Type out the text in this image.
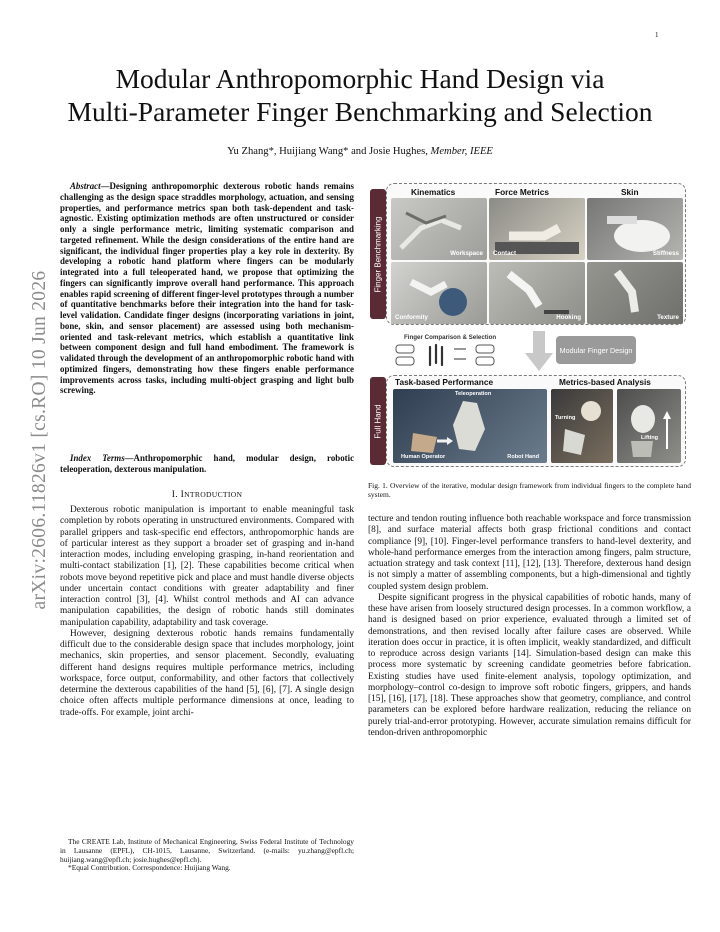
1
arXiv:2606.11826v1 [cs.RO] 10 Jun 2026
Modular Anthropomorphic Hand Design via
Multi-Parameter Finger Benchmarking and Selection
Yu Zhang*, Huijiang Wang* and Josie Hughes, Member, IEEE
Abstract—Designing anthropomorphic dexterous robotic hands remains challenging as the design space straddles morphology, actuation, and sensing properties, and performance metrics span both task-dependent and task-agnostic. Existing optimization methods are often unstructured or consider only a single performance metric, limiting systematic comparison and targeted refinement. While the design considerations of the entire hand are significant, the individual finger properties play a key role in dexterity. By developing a robotic hand platform where fingers can be modularly integrated into a full teleoperated hand, we propose that optimizing the fingers can significantly improve overall hand performance. This approach enables rapid screening of different finger-level prototypes through a number of quantitative benchmarks before their integration into the hand for task-level validation. Candidate finger designs (incorporating variations in joint, bone, skin, and sensor placement) are assessed using both mechanism-oriented and task-relevant metrics, which establish a quantitative link between component design and full hand embodiment. The framework is validated through the development of an anthropomorphic robotic hand with optimized fingers, demonstrating how these fingers enable performance improvements across tasks, including multi-object grasping and light bulb screwing.
Index Terms—Anthropomorphic hand, modular design, robotic teleoperation, dexterous manipulation.
I. INTRODUCTION

Dexterous robotic manipulation is important to enable meaningful task completion by robots operating in unstructured environments. Compared with parallel grippers and task-specific end effectors, anthropomorphic hands are of particular interest as they support a broader set of grasping and in-hand interaction modes, including enveloping grasping, in-hand reorientation and multi-contact stabilization [1], [2]. These capabilities become critical when robots move beyond repetitive pick and place and must handle diverse objects under uncertain contact conditions with greater adaptability and finer interaction control [3], [4]. Whilst control methods and AI can advance manipulation capabilities, the design of robotic hands still dominates manipulation capability, adaptability and task coverage.

However, designing dexterous robotic hands remains fundamentally difficult due to the considerable design space that includes morphology, joint mechanics, skin properties, and sensor placement. Secondly, evaluating different hand designs requires multiple performance metrics, including workspace, force output, conformability, and other factors that collectively determine the dexterous capabilities of the hand [5], [6], [7]. A single design choice often affects multiple performance dimensions at once, leading to trade-offs. For example, joint archi-

The CREATE Lab, Institute of Mechanical Engineering, Swiss Federal Institute of Technology in Lausanne (EPFL), CH-1015, Lausanne, Switzerland. (e-mails: yu.zhang@epfl.ch; huijiang.wang@epfl.ch; josie.hughes@epfl.ch).

*Equal Contribution. Correspondence: Huijiang Wang.

Finger Benchmarking
Kinematics	Force Metrics	Skin
Workspace Contact	Stiffness
Conformity	Hooking	Texture
Finger Comparison & Selection
Modular Finger Design
Full Hand
Task-based Performance	Metrics-based Analysis
Teleoperation
Human Operator	Robot Hand
Turning
Lifting
Fig. 1. Overview of the iterative, modular design framework from individual fingers to the complete hand system.

tecture and tendon routing influence both reachable workspace and force transmission [8], and surface material affects both grasp frictional conditions and contact compliance [9], [10]. Finger-level performance transfers to hand-level dexterity, and whole-hand performance emerges from the interaction among fingers, palm structure, actuation strategy and task context [11], [12], [13]. Therefore, dexterous hand design is not simply a matter of assembling components, but a high-dimensional and tightly coupled system design problem.

Despite significant progress in the physical capabilities of robotic hands, many of these have arisen from loosely structured design processes. In a common workflow, a hand is designed based on prior experience, evaluated through a limited set of demonstrations, and then revised locally after failure cases are observed. While iteration does occur in practice, it is often implicit, weakly standardized, and difficult to reproduce across design variants [14]. Simulation-based design can make this process more systematic by screening candidate geometries before fabrication. Existing studies have used finite-element analysis, topology optimization, and morphology–control co-design to improve soft robotic fingers, grippers, and hands [15], [16], [17], [18]. These approaches show that geometry, compliance, and control parameters can be explored before hardware realization, reducing the reliance on purely trial-and-error prototyping. However, accurate simulation remains difficult for tendon-driven anthropomorphic
